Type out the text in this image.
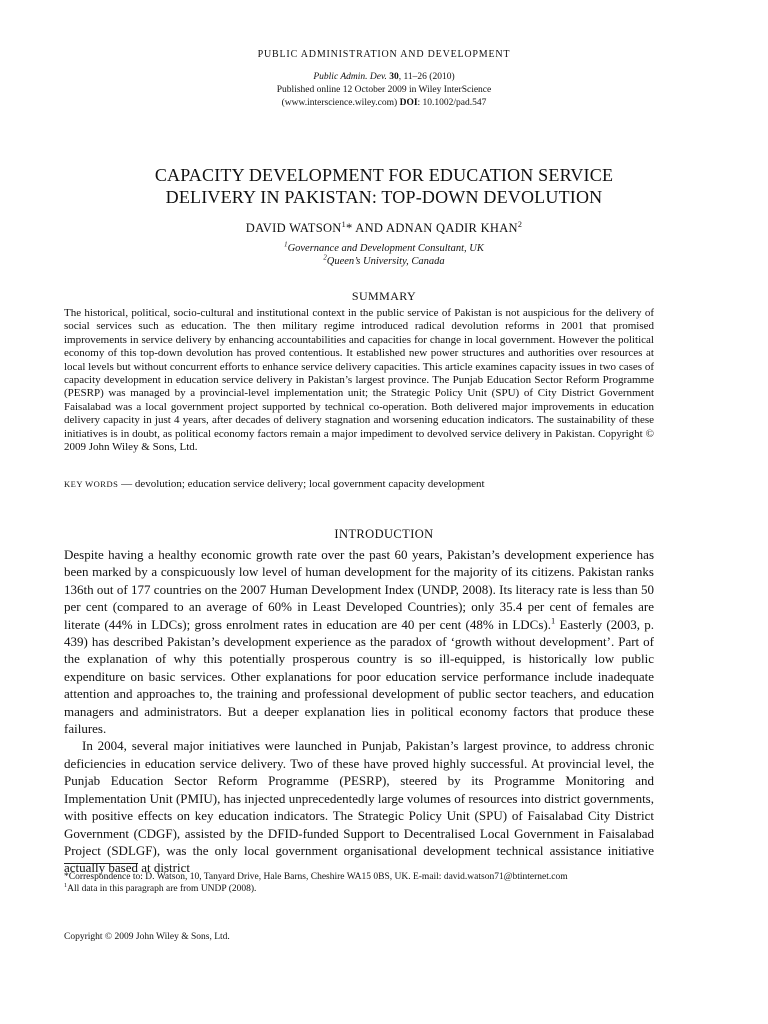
PUBLIC ADMINISTRATION AND DEVELOPMENT
Public Admin. Dev. 30, 11–26 (2010)
Published online 12 October 2009 in Wiley InterScience
(www.interscience.wiley.com) DOI: 10.1002/pad.547
CAPACITY DEVELOPMENT FOR EDUCATION SERVICE
DELIVERY IN PAKISTAN: TOP-DOWN DEVOLUTION
DAVID WATSON$^1$* AND ADNAN QADIR KHAN$^2$
$^1$Governance and Development Consultant, UK
$^2$Queen’s University, Canada
SUMMARY
The historical, political, socio-cultural and institutional context in the public service of Pakistan is not auspicious for the delivery of social services such as education. The then military regime introduced radical devolution reforms in 2001 that promised improvements in service delivery by enhancing accountabilities and capacities for change in local government. However the political economy of this top-down devolution has proved contentious. It established new power structures and authorities over resources at local levels but without concurrent efforts to enhance service delivery capacities. This article examines capacity issues in two cases of capacity development in education service delivery in Pakistan’s largest province. The Punjab Education Sector Reform Programme (PESRP) was managed by a provincial-level implementation unit; the Strategic Policy Unit (SPU) of City District Government Faisalabad was a local government project supported by technical co-operation. Both delivered major improvements in education delivery capacity in just 4 years, after decades of delivery stagnation and worsening education indicators. The sustainability of these initiatives is in doubt, as political economy factors remain a major impediment to devolved service delivery in Pakistan. Copyright © 2009 John Wiley & Sons, Ltd.
KEY WORDS — devolution; education service delivery; local government capacity development
INTRODUCTION

Despite having a healthy economic growth rate over the past 60 years, Pakistan’s development experience has been marked by a conspicuously low level of human development for the majority of its citizens. Pakistan ranks 136th out of 177 countries on the 2007 Human Development Index (UNDP, 2008). Its literacy rate is less than 50 per cent (compared to an average of 60% in Least Developed Countries); only 35.4 per cent of females are literate (44% in LDCs); gross enrolment rates in education are 40 per cent (48% in LDCs).$^1$ Easterly (2003, p. 439) has described Pakistan’s development experience as the paradox of ‘growth without development’. Part of the explanation of why this potentially prosperous country is so ill-equipped, is historically low public expenditure on basic services. Other explanations for poor education service performance include inadequate attention and approaches to, the training and professional development of public sector teachers, and education managers and administrators. But a deeper explanation lies in political economy factors that produce these failures.

In 2004, several major initiatives were launched in Punjab, Pakistan’s largest province, to address chronic deficiencies in education service delivery. Two of these have proved highly successful. At provincial level, the Punjab Education Sector Reform Programme (PESRP), steered by its Programme Monitoring and Implementation Unit (PMIU), has injected unprecedentedly large volumes of resources into district governments, with positive effects on key education indicators. The Strategic Policy Unit (SPU) of Faisalabad City District Government (CDGF), assisted by the DFID-funded Support to Decentralised Local Government in Faisalabad Project (SDLGF), was the only local government organisational development technical assistance initiative actually based at district

*Correspondence to: D. Watson, 10, Tanyard Drive, Hale Barns, Cheshire WA15 0BS, UK. E-mail: david.watson71@btinternet.com
$^1$All data in this paragraph are from UNDP (2008).
Copyright © 2009 John Wiley & Sons, Ltd.
